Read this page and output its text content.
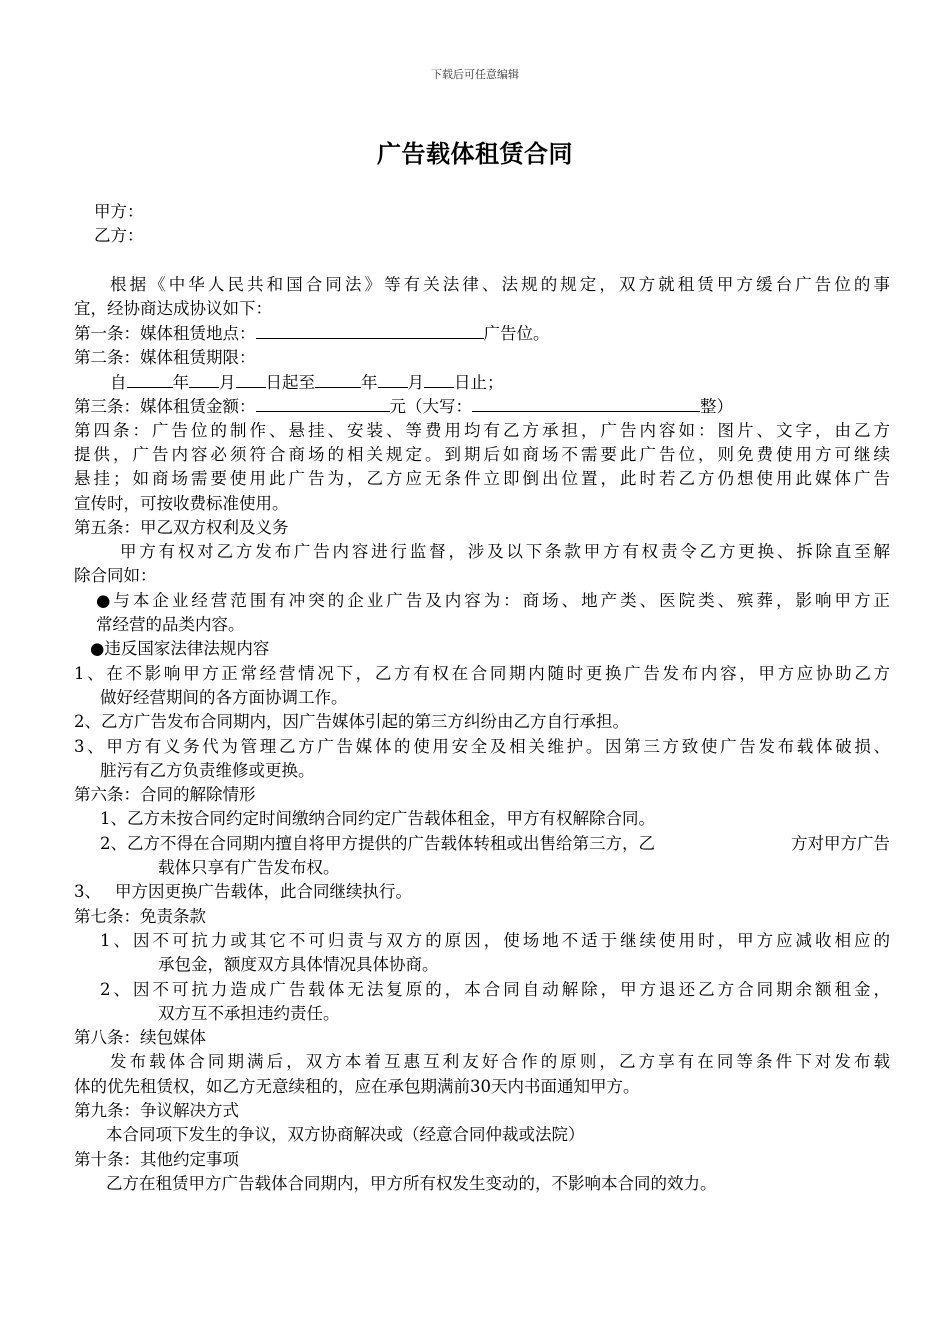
下载后可任意编辑
广告载体租赁合同
甲方：
乙方：
根据《中华人民共和国合同法》等有关法律、法规的规定，双方就租赁甲方缓台广告位的事
宜，经协商达成协议如下：
第一条：媒体租赁地点：	广告位。
第二条：媒体租赁期限：
自	年 月 日起至	年 月 日止；
第三条：媒体租赁金额：	元（大写：	整）
第四条：广告位的制作、悬挂、安装、等费用均有乙方承担，广告内容如：图片、文字，由乙方
提供，广告内容必须符合商场的相关规定。到期后如商场不需要此广告位，则免费使用方可继续
悬挂；如商场需要使用此广告为，乙方应无条件立即倒出位置，此时若乙方仍想使用此媒体广告
宣传时，可按收费标准使用。
第五条：甲乙双方权利及义务
甲方有权对乙方发布广告内容进行监督，涉及以下条款甲方有权责令乙方更换、拆除直至解
除合同如：
●与本企业经营范围有冲突的企业广告及内容为：商场、地产类、医院类、殡葬，影响甲方正
常经营的品类内容。
●违反国家法律法规内容
1、在不影响甲方正常经营情况下，乙方有权在合同期内随时更换广告发布内容，甲方应协助乙方
做好经营期间的各方面协调工作。
2、乙方广告发布合同期内，因广告媒体引起的第三方纠纷由乙方自行承担。
3、甲方有义务代为管理乙方广告媒体的使用安全及相关维护。因第三方致使广告发布载体破损、
脏污有乙方负责维修或更换。
第六条：合同的解除情形
1、乙方未按合同约定时间缴纳合同约定广告载体租金，甲方有权解除合同。
2、乙方不得在合同期内擅自将甲方提供的广告载体转租或出售给第三方，乙	方对甲方广告
载体只享有广告发布权。
3、 甲方因更换广告载体，此合同继续执行。
第七条：免责条款
1、因不可抗力或其它不可归责与双方的原因，使场地不适于继续使用时，甲方应减收相应的
承包金，额度双方具体情况具体协商。
2、因不可抗力造成广告载体无法复原的，本合同自动解除，甲方退还乙方合同期余额租金，
双方互不承担违约责任。
第八条：续包媒体
发布载体合同期满后，双方本着互惠互利友好合作的原则，乙方享有在同等条件下对发布载
体的优先租赁权，如乙方无意续租的，应在承包期满前30天内书面通知甲方。
第九条：争议解决方式
本合同项下发生的争议，双方协商解决或（经意合同仲裁或法院）
第十条：其他约定事项
乙方在租赁甲方广告载体合同期内，甲方所有权发生变动的，不影响本合同的效力。
